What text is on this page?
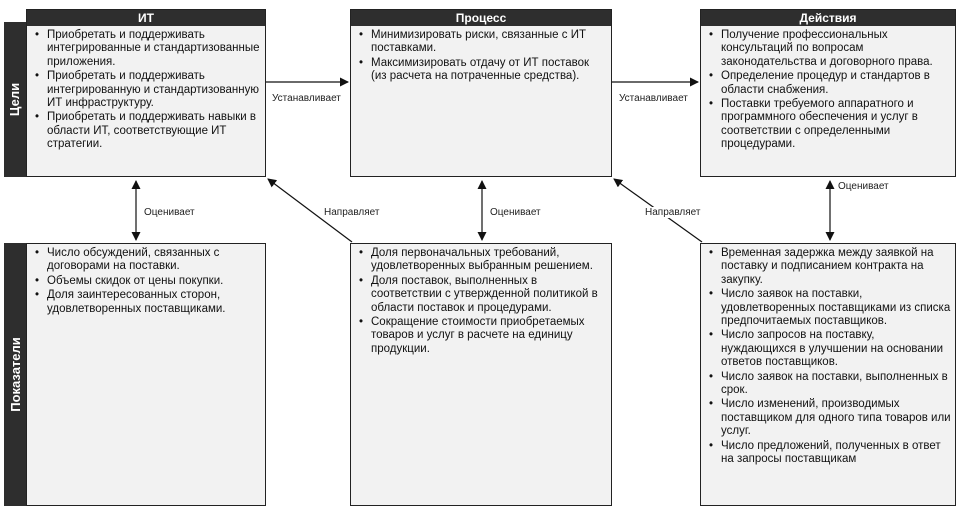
Цели
Показатели
ИТ
• Приобретать и поддерживать интегрированные и стандартизованные приложения.
• Приобретать и поддерживать интегрированную и стандартизованную ИТ инфраструктуру.
• Приобретать и поддерживать навыки в области ИТ, соответствующие ИТ стратегии.
Процесс
• Минимизировать риски, связанные с ИТ поставками.
• Максимизировать отдачу от ИТ поставок (из расчета на потраченные средства).
Действия
• Получение профессиональных консультаций по вопросам законодательства и договорного права.
• Определение процедур и стандартов в области снабжения.
• Поставки требуемого аппаратного и программного обеспечения и услуг в соответствии с определенными процедурами.
• Число обсуждений, связанных с договорами на поставки.
• Объемы скидок от цены покупки.
• Доля заинтересованных сторон, удовлетворенных поставщиками.
• Доля первоначальных требований, удовлетворенных выбранным решением.
• Доля поставок, выполненных в соответствии с утвержденной политикой в области поставок и процедурами.
• Сокращение стоимости приобретаемых товаров и услуг в расчете на единицу продукции.
• Временная задержка между заявкой на поставку и подписанием контракта на закупку.
• Число заявок на поставки, удовлетворенных поставщиками из списка предпочитаемых поставщиков.
• Число запросов на поставку, нуждающихся в улучшении на основании ответов поставщиков.
• Число заявок на поставки, выполненных в срок.
• Число изменений, производимых поставщиком для одного типа товаров или услуг.
• Число предложений, полученных в ответ на запросы поставщикам
Устанавливает	Устанавливает
Оценивает	Оценивает
Оценивает
Направляет	Направляет
